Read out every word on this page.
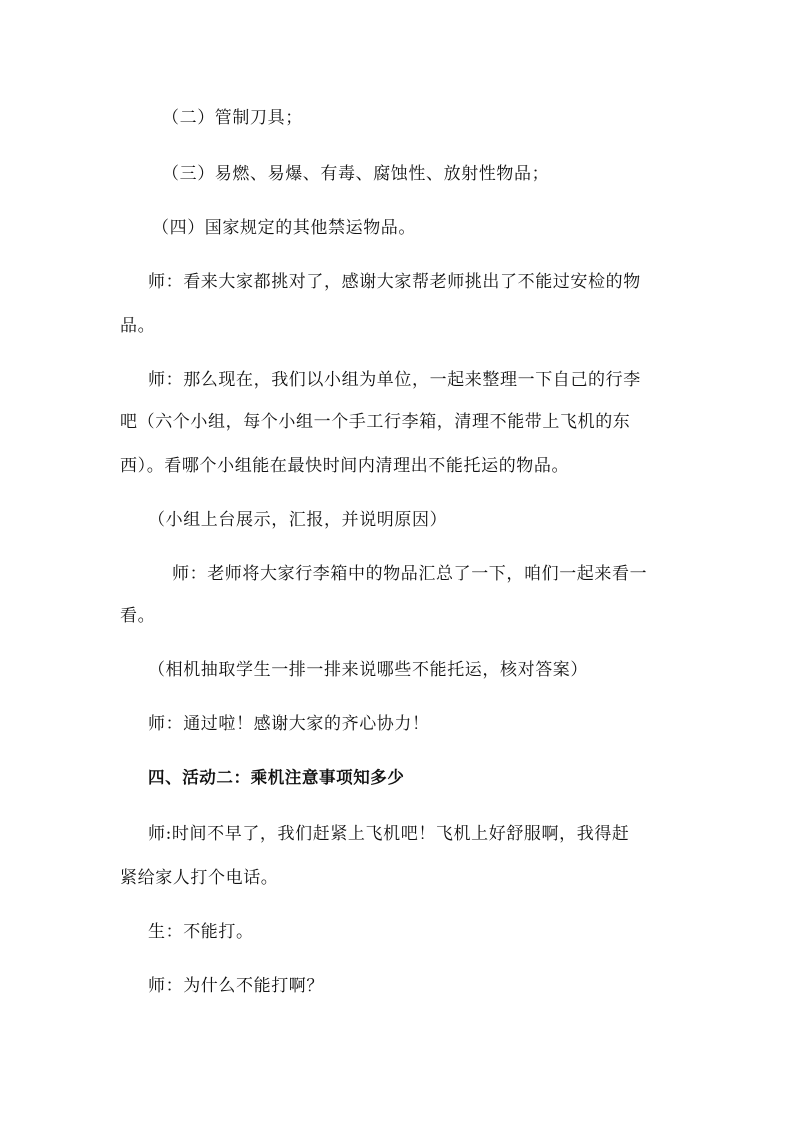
（二）管制刀具；
（三）易燃、易爆、有毒、腐蚀性、放射性物品；
（四）国家规定的其他禁运物品。
师：看来大家都挑对了，感谢大家帮老师挑出了不能过安检的物
品。
师：那么现在，我们以小组为单位，一起来整理一下自己的行李
吧（六个小组，每个小组一个手工行李箱，清理不能带上飞机的东
西）。看哪个小组能在最快时间内清理出不能托运的物品。
（小组上台展示，汇报，并说明原因）
师：老师将大家行李箱中的物品汇总了一下，咱们一起来看一
看。
（相机抽取学生一排一排来说哪些不能托运，核对答案）
师：通过啦！感谢大家的齐心协力！
四、活动二：乘机注意事项知多少
师:时间不早了，我们赶紧上飞机吧！飞机上好舒服啊，我得赶
紧给家人打个电话。
生：不能打。
师：为什么不能打啊？
